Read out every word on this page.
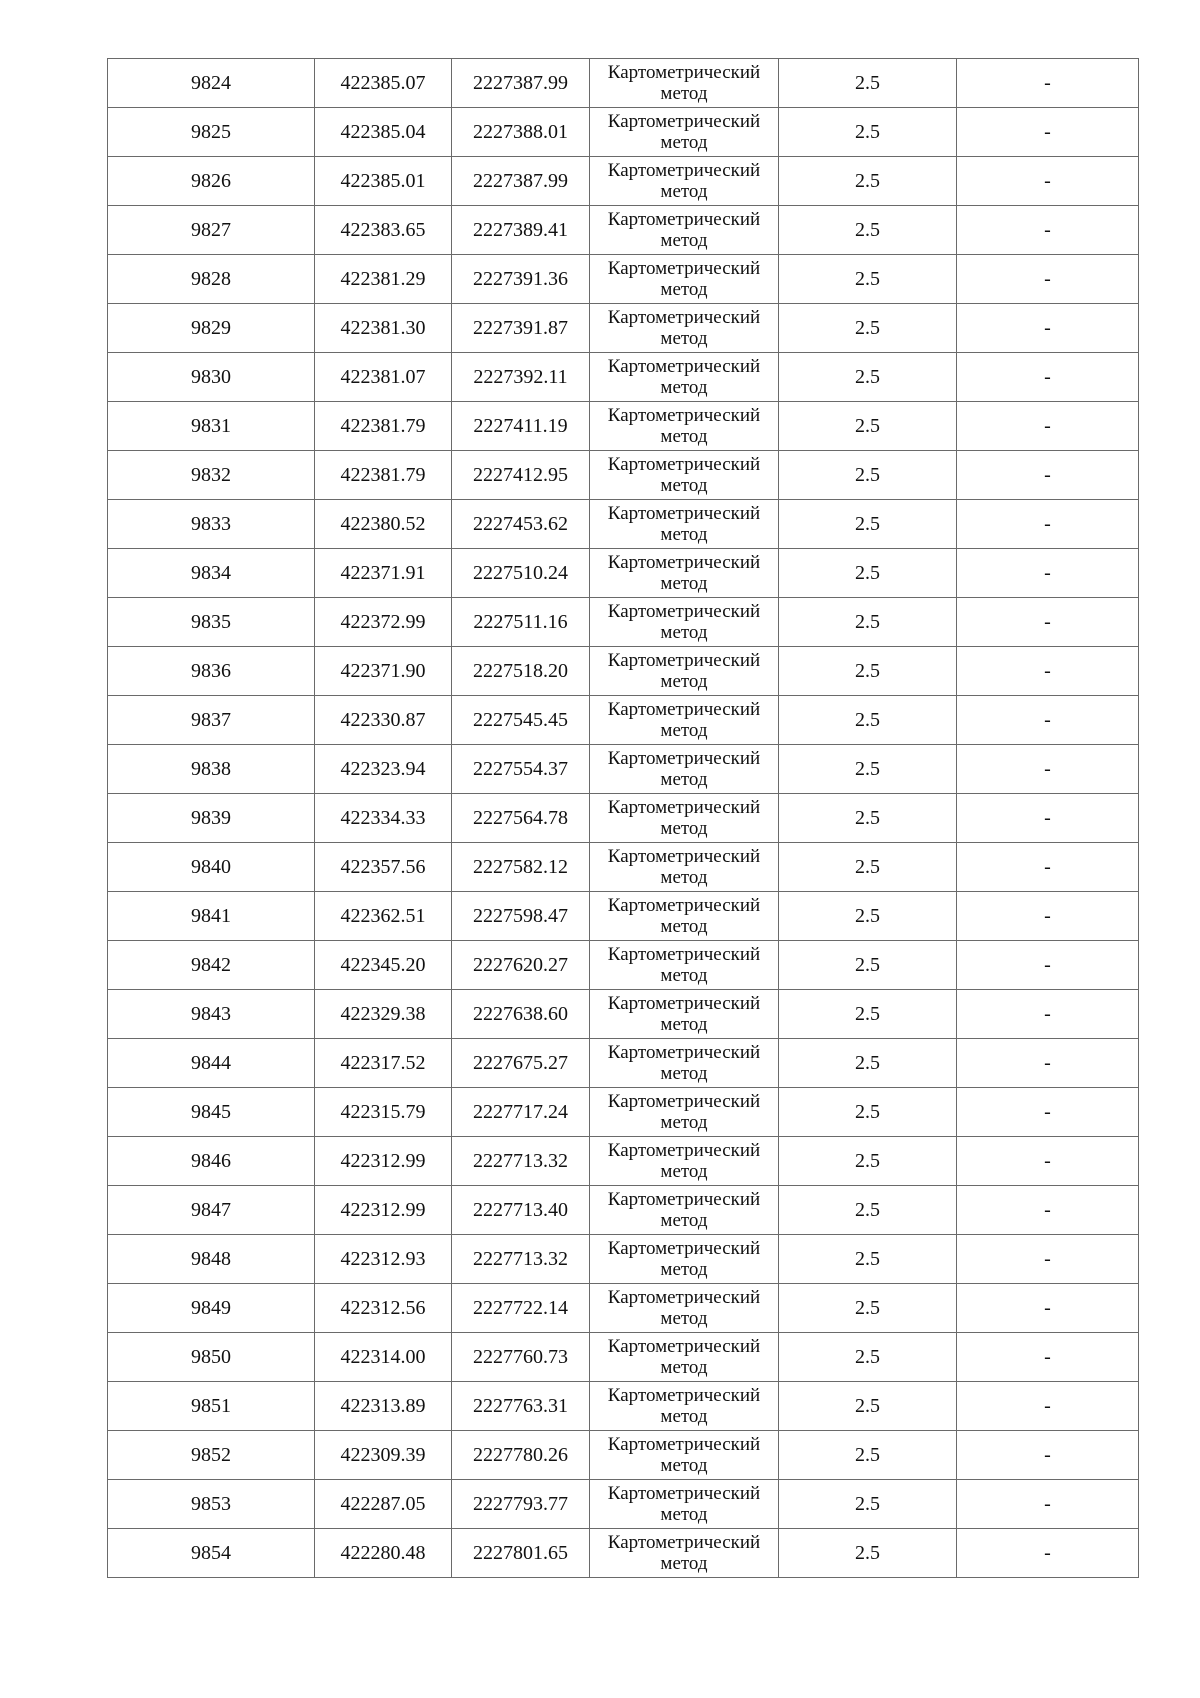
9824	422385.07	2227387.99	Картометрический метод	2.5	-
9825	422385.04	2227388.01	Картометрический метод	2.5	-
9826	422385.01	2227387.99	Картометрический метод	2.5	-
9827	422383.65	2227389.41	Картометрический метод	2.5	-
9828	422381.29	2227391.36	Картометрический метод	2.5	-
9829	422381.30	2227391.87	Картометрический метод	2.5	-
9830	422381.07	2227392.11	Картометрический метод	2.5	-
9831	422381.79	2227411.19	Картометрический метод	2.5	-
9832	422381.79	2227412.95	Картометрический метод	2.5	-
9833	422380.52	2227453.62	Картометрический метод	2.5	-
9834	422371.91	2227510.24	Картометрический метод	2.5	-
9835	422372.99	2227511.16	Картометрический метод	2.5	-
9836	422371.90	2227518.20	Картометрический метод	2.5	-
9837	422330.87	2227545.45	Картометрический метод	2.5	-
9838	422323.94	2227554.37	Картометрический метод	2.5	-
9839	422334.33	2227564.78	Картометрический метод	2.5	-
9840	422357.56	2227582.12	Картометрический метод	2.5	-
9841	422362.51	2227598.47	Картометрический метод	2.5	-
9842	422345.20	2227620.27	Картометрический метод	2.5	-
9843	422329.38	2227638.60	Картометрический метод	2.5	-
9844	422317.52	2227675.27	Картометрический метод	2.5	-
9845	422315.79	2227717.24	Картометрический метод	2.5	-
9846	422312.99	2227713.32	Картометрический метод	2.5	-
9847	422312.99	2227713.40	Картометрический метод	2.5	-
9848	422312.93	2227713.32	Картометрический метод	2.5	-
9849	422312.56	2227722.14	Картометрический метод	2.5	-
9850	422314.00	2227760.73	Картометрический метод	2.5	-
9851	422313.89	2227763.31	Картометрический метод	2.5	-
9852	422309.39	2227780.26	Картометрический метод	2.5	-
9853	422287.05	2227793.77	Картометрический метод	2.5	-
9854	422280.48	2227801.65	Картометрический метод	2.5	-
